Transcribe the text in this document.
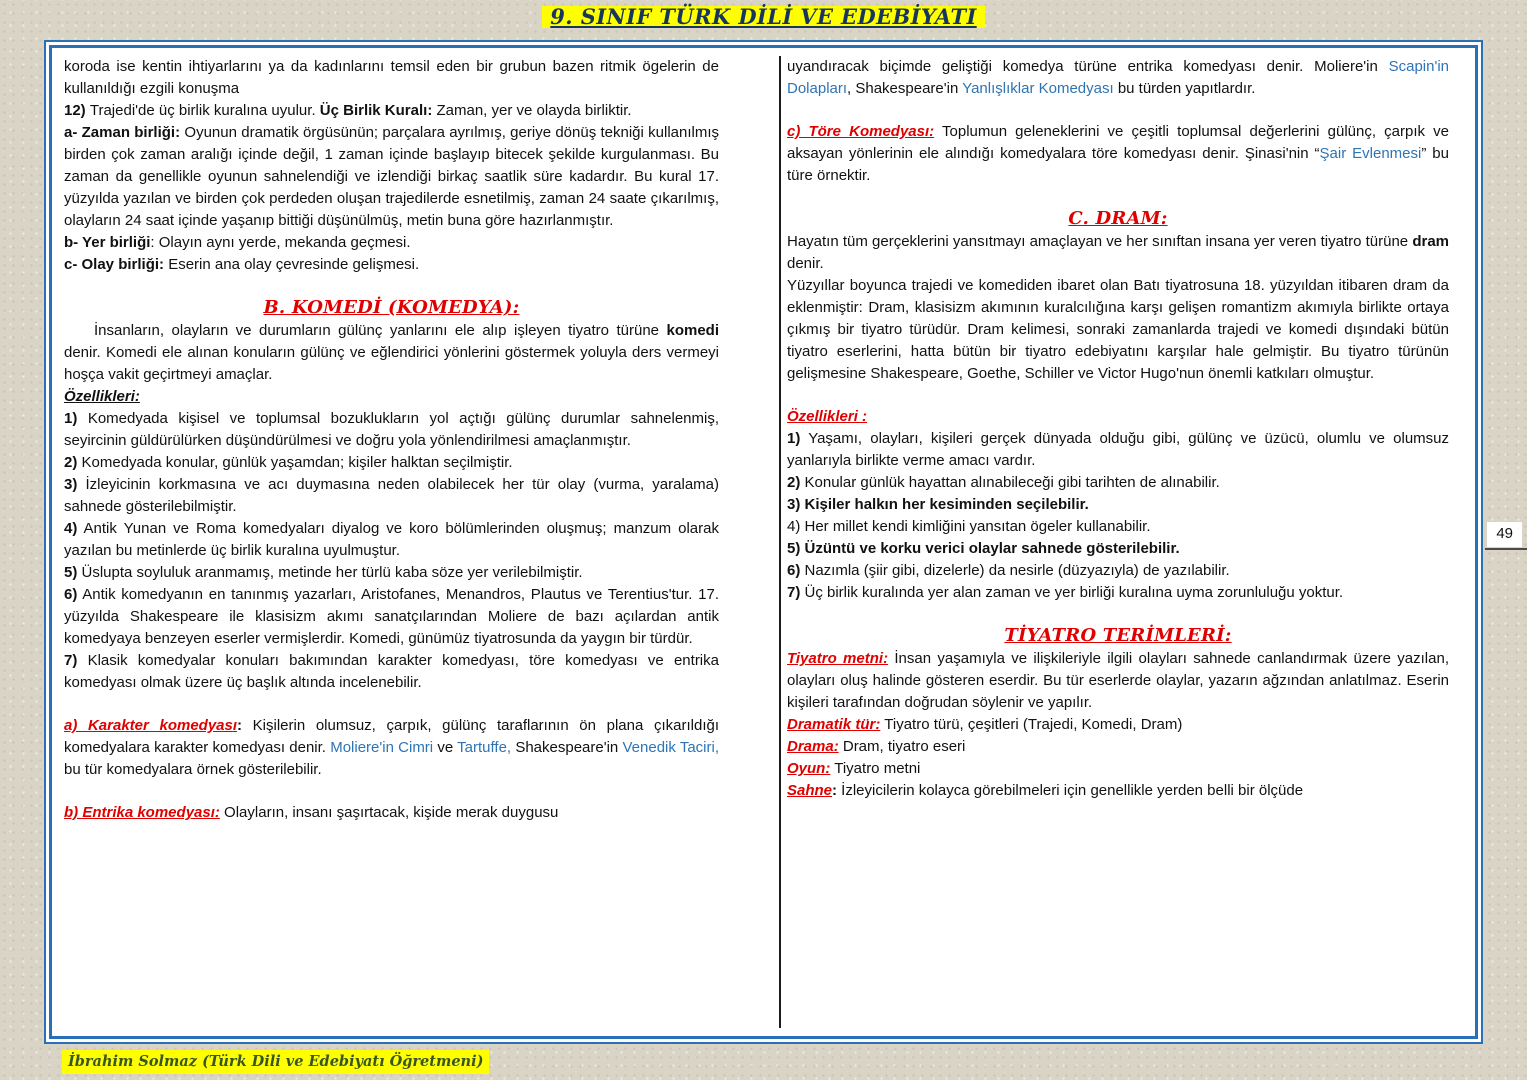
9. SINIF TÜRK DİLİ VE EDEBİYATI

koroda ise kentin ihtiyarlarını ya da kadınlarını temsil eden bir grubun bazen ritmik ögelerin de kullanıldığı ezgili konuşma

12) Trajedi'de üç birlik kuralına uyulur. Üç Birlik Kuralı: Zaman, yer ve olayda birliktir.

a- Zaman birliği: Oyunun dramatik örgüsünün; parçalara ayrılmış, geriye dönüş tekniği kullanılmış birden çok zaman aralığı içinde değil, 1 zaman içinde başlayıp bitecek şekilde kurgulanması. Bu zaman da genellikle oyunun sahnelendiği ve izlendiği birkaç saatlik süre kadardır. Bu kural 17. yüzyılda yazılan ve birden çok perdeden oluşan trajedilerde esnetilmiş, zaman 24 saate çıkarılmış, olayların 24 saat içinde yaşanıp bittiği düşünülmüş, metin buna göre hazırlanmıştır.

b- Yer birliği: Olayın aynı yerde, mekanda geçmesi.

c- Olay birliği: Eserin ana olay çevresinde gelişmesi.

B. KOMEDİ (KOMEDYA):

İnsanların, olayların ve durumların gülünç yanlarını ele alıp işleyen tiyatro türüne komedi denir. Komedi ele alınan konuların gülünç ve eğlendirici yönlerini göstermek yoluyla ders vermeyi hoşça vakit geçirtmeyi amaçlar.

Özellikleri:

1) Komedyada kişisel ve toplumsal bozuklukların yol açtığı gülünç durumlar sahnelenmiş, seyircinin güldürülürken düşündürülmesi ve doğru yola yönlendirilmesi amaçlanmıştır.

2) Komedyada konular, günlük yaşamdan; kişiler halktan seçilmiştir.

3) İzleyicinin korkmasına ve acı duymasına neden olabilecek her tür olay (vurma, yaralama) sahnede gösterilebilmiştir.

4) Antik Yunan ve Roma komedyaları diyalog ve koro bölümlerinden oluşmuş; manzum olarak yazılan bu metinlerde üç birlik kuralına uyulmuştur.

5) Üslupta soyluluk aranmamış, metinde her türlü kaba söze yer verilebilmiştir.

6) Antik komedyanın en tanınmış yazarları, Aristofanes, Menandros, Plautus ve Terentius'tur. 17. yüzyılda Shakespeare ile klasisizm akımı sanatçılarından Moliere de bazı açılardan antik komedyaya benzeyen eserler vermişlerdir. Komedi, günümüz tiyatrosunda da yaygın bir türdür.

7) Klasik komedyalar konuları bakımından karakter komedyası, töre komedyası ve entrika komedyası olmak üzere üç başlık altında incelenebilir.

a) Karakter komedyası: Kişilerin olumsuz, çarpık, gülünç taraflarının ön plana çıkarıldığı komedyalara karakter komedyası denir. Moliere'in Cimri ve Tartuffe, Shakespeare'in Venedik Taciri, bu tür komedyalara örnek gösterilebilir.

b) Entrika komedyası: Olayların, insanı şaşırtacak, kişide merak duygusu

uyandıracak biçimde geliştiği komedya türüne entrika komedyası denir. Moliere'in Scapin'in Dolapları, Shakespeare'in Yanlışlıklar Komedyası bu türden yapıtlardır.

c) Töre Komedyası: Toplumun geleneklerini ve çeşitli toplumsal değerlerini gülünç, çarpık ve aksayan yönlerinin ele alındığı komedyalara töre komedyası denir. Şinasi'nin “Şair Evlenmesi” bu türe örnektir.

C. DRAM:

Hayatın tüm gerçeklerini yansıtmayı amaçlayan ve her sınıftan insana yer veren tiyatro türüne dram denir.

Yüzyıllar boyunca trajedi ve komediden ibaret olan Batı tiyatrosuna 18. yüzyıldan itibaren dram da eklenmiştir: Dram, klasisizm akımının kuralcılığına karşı gelişen romantizm akımıyla birlikte ortaya çıkmış bir tiyatro türüdür. Dram kelimesi, sonraki zamanlarda trajedi ve komedi dışındaki bütün tiyatro eserlerini, hatta bütün bir tiyatro edebiyatını karşılar hale gelmiştir. Bu tiyatro türünün gelişmesine Shakespeare, Goethe, Schiller ve Victor Hugo'nun önemli katkıları olmuştur.

Özellikleri :

1) Yaşamı, olayları, kişileri gerçek dünyada olduğu gibi, gülünç ve üzücü, olumlu ve olumsuz yanlarıyla birlikte verme amacı vardır.

2) Konular günlük hayattan alınabileceği gibi tarihten de alınabilir.

3) Kişiler halkın her kesiminden seçilebilir.

4) Her millet kendi kimliğini yansıtan ögeler kullanabilir.

5) Üzüntü ve korku verici olaylar sahnede gösterilebilir.

6) Nazımla (şiir gibi, dizelerle) da nesirle (düzyazıyla) de yazılabilir.

7) Üç birlik kuralında yer alan zaman ve yer birliği kuralına uyma zorunluluğu yoktur.

TİYATRO TERİMLERİ:

Tiyatro metni: İnsan yaşamıyla ve ilişkileriyle ilgili olayları sahnede canlandırmak üzere yazılan, olayları oluş halinde gösteren eserdir. Bu tür eserlerde olaylar, yazarın ağzından anlatılmaz. Eserin kişileri tarafından doğrudan söylenir ve yapılır.

Dramatik tür: Tiyatro türü, çeşitleri (Trajedi, Komedi, Dram)

Drama: Dram, tiyatro eseri

Oyun: Tiyatro metni

Sahne: İzleyicilerin kolayca görebilmeleri için genellikle yerden belli bir ölçüde

49
İbrahim Solmaz (Türk Dili ve Edebiyatı Öğretmeni)
